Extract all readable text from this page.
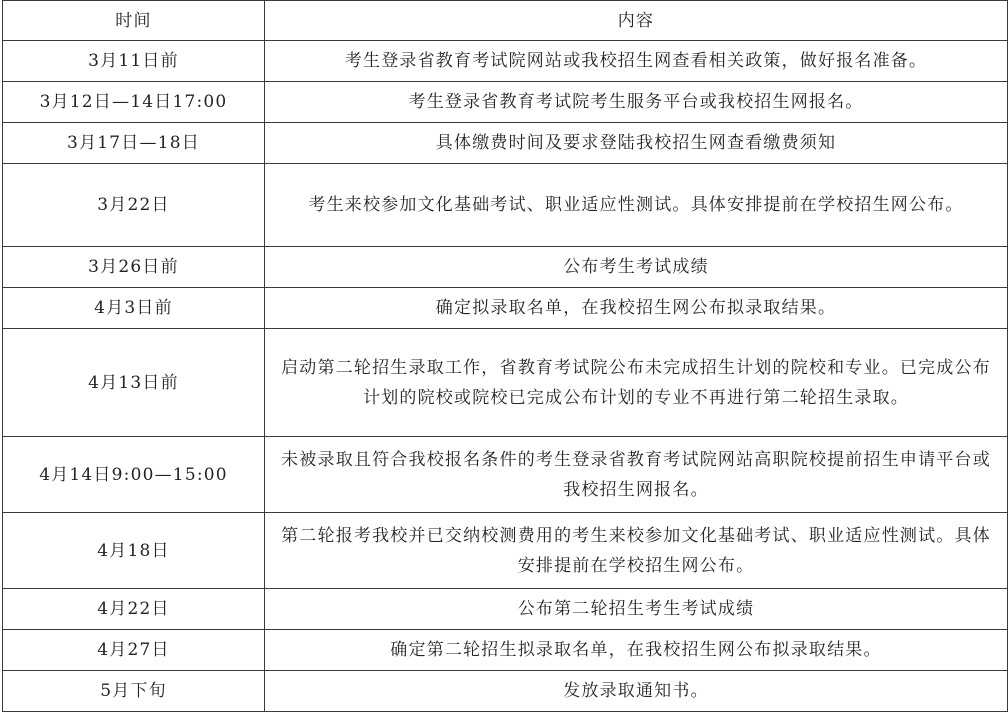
时间	内容
3月11日前	考生登录省教育考试院网站或我校招生网查看相关政策，做好报名准备。
3月12日—14日17:00	考生登录省教育考试院考生服务平台或我校招生网报名。
3月17日—18日	具体缴费时间及要求登陆我校招生网查看缴费须知
3月22日	考生来校参加文化基础考试、职业适应性测试。具体安排提前在学校招生网公布。
3月26日前	公布考生考试成绩
4月3日前	确定拟录取名单，在我校招生网公布拟录取结果。
4月13日前	启动第二轮招生录取工作，省教育考试院公布未完成招生计划的院校和专业。已完成公布计划的院校或院校已完成公布计划的专业不再进行第二轮招生录取。
4月14日9:00—15:00	未被录取且符合我校报名条件的考生登录省教育考试院网站高职院校提前招生申请平台或我校招生网报名。
4月18日	第二轮报考我校并已交纳校测费用的考生来校参加文化基础考试、职业适应性测试。具体安排提前在学校招生网公布。
4月22日	公布第二轮招生考生考试成绩
4月27日	确定第二轮招生拟录取名单，在我校招生网公布拟录取结果。
5月下旬	发放录取通知书。
